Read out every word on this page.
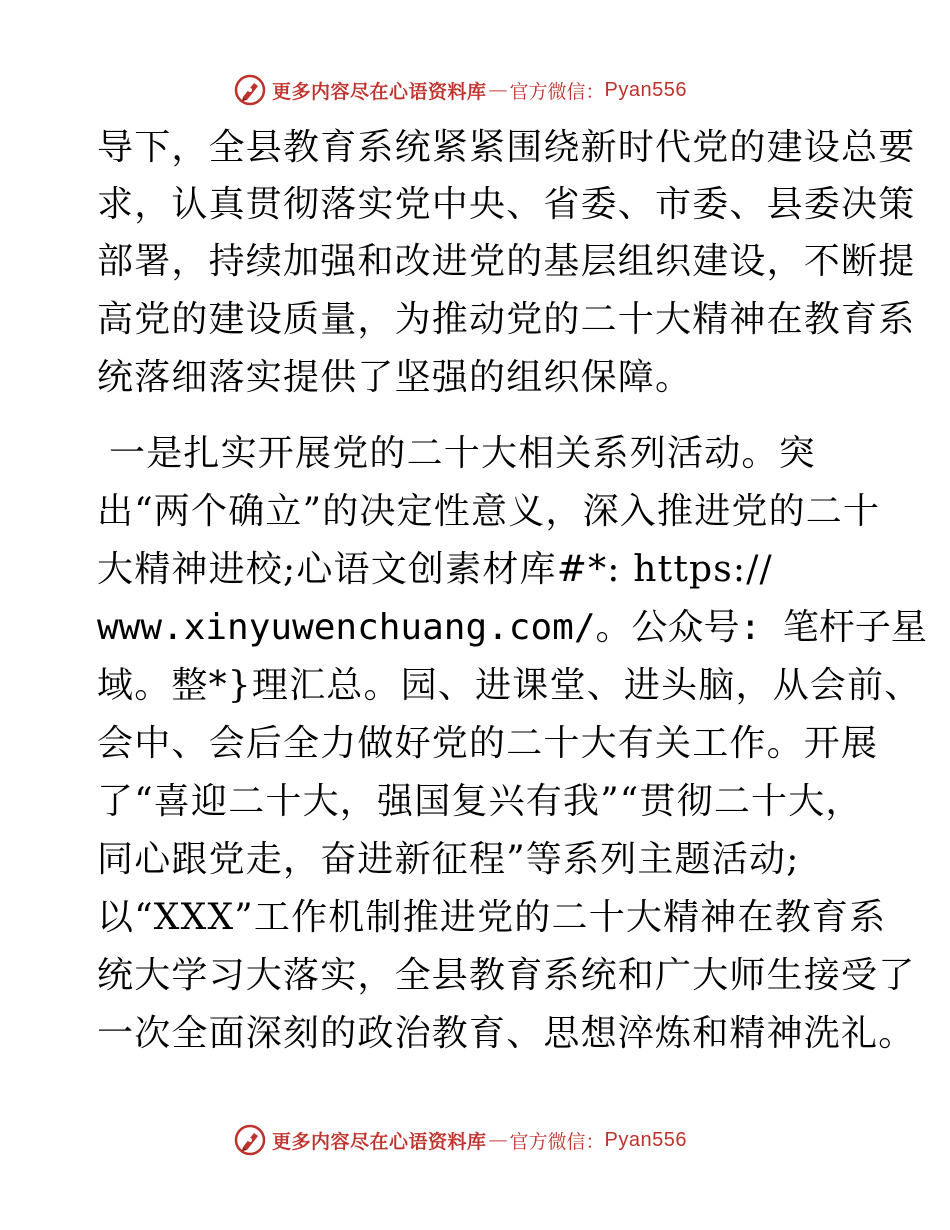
更多内容尽在心语资料库 — 官方微信： Pyan556
导下，全县教育系统紧紧围绕新时代党的建设总要
求，认真贯彻落实党中央、省委、市委、县委决策
部署，持续加强和改进党的基层组织建设，不断提
高党的建设质量，为推动党的二十大精神在教育系
统落细落实提供了坚强的组织保障。
一是扎实开展党的二十大相关系列活动。突
出“两个确立”的决定性意义，深入推进党的二十
大精神进校;心语文创素材库#*: https://
www.xinyuwenchuang.com/。公众号: 笔杆子星
域。整*}理汇总。园、进课堂、进头脑，从会前、
会中、会后全力做好党的二十大有关工作。开展
了“喜迎二十大，强国复兴有我”“贯彻二十大，
同心跟党走，奋进新征程”等系列主题活动;
以“XXX”工作机制推进党的二十大精神在教育系
统大学习大落实，全县教育系统和广大师生接受了
一次全面深刻的政治教育、思想淬炼和精神洗礼。
更多内容尽在心语资料库 — 官方微信： Pyan556
